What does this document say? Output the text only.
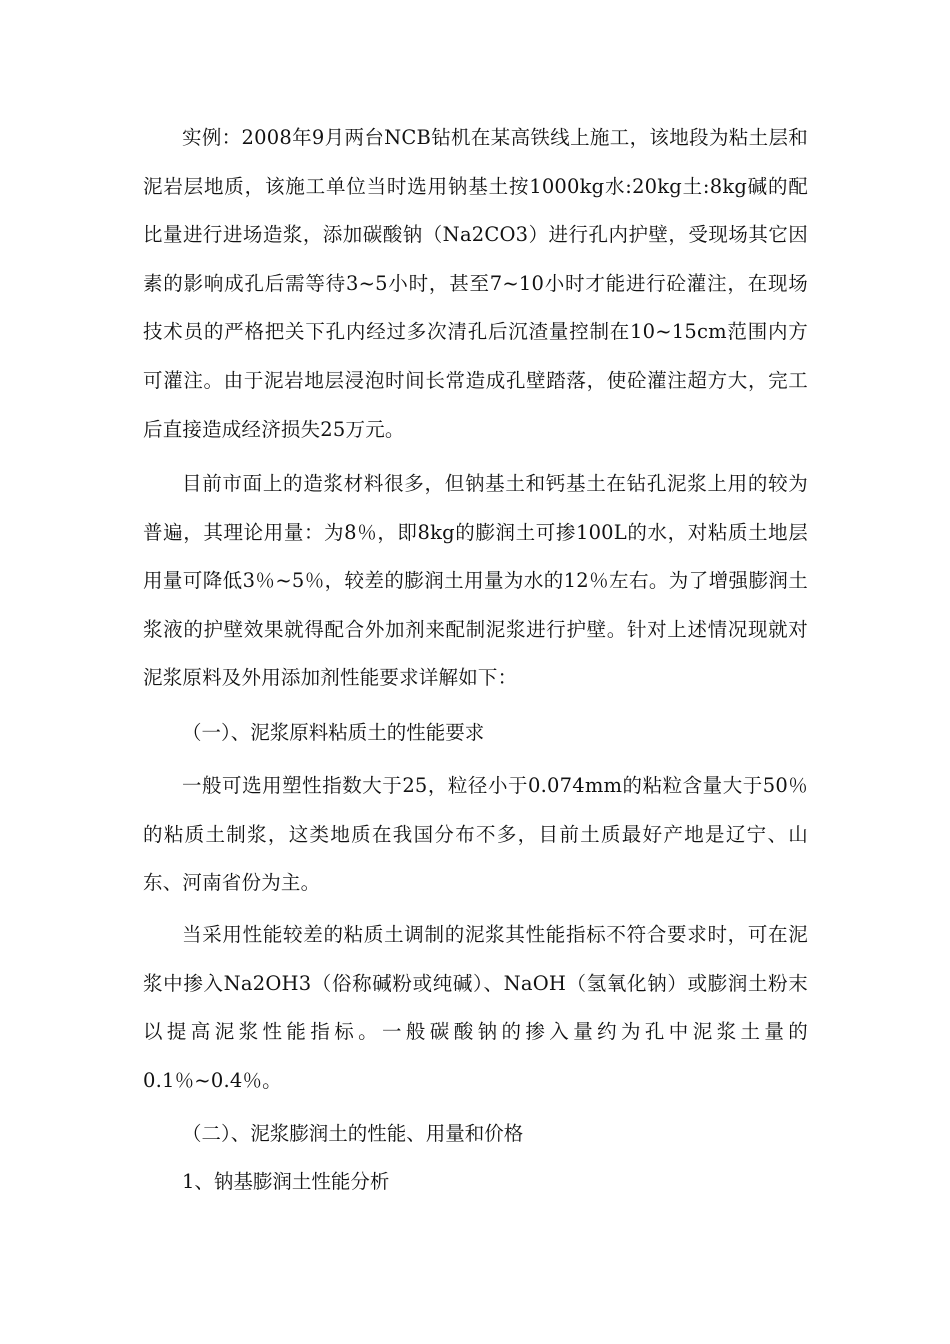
实例：2008年9月两台NCB钻机在某高铁线上施工，该地段为粘土层和泥岩层地质，该施工单位当时选用钠基土按1000kg水:20kg土:8kg碱的配比量进行进场造浆，添加碳酸钠（Na2CO3）进行孔内护壁，受现场其它因素的影响成孔后需等待3~5小时，甚至7~10小时才能进行砼灌注，在现场技术员的严格把关下孔内经过多次清孔后沉渣量控制在10~15cm范围内方可灌注。由于泥岩地层浸泡时间长常造成孔壁踏落，使砼灌注超方大，完工后直接造成经济损失25万元。

目前市面上的造浆材料很多，但钠基土和钙基土在钻孔泥浆上用的较为普遍，其理论用量：为8％，即8kg的膨润土可掺100L的水，对粘质土地层用量可降低3％~5％，较差的膨润土用量为水的12％左右。为了增强膨润土浆液的护壁效果就得配合外加剂来配制泥浆进行护壁。针对上述情况现就对泥浆原料及外用添加剂性能要求详解如下：

（一）、泥浆原料粘质土的性能要求

一般可选用塑性指数大于25，粒径小于0.074mm的粘粒含量大于50％的粘质土制浆，这类地质在我国分布不多，目前土质最好产地是辽宁、山东、河南省份为主。

当采用性能较差的粘质土调制的泥浆其性能指标不符合要求时，可在泥浆中掺入Na2OH3（俗称碱粉或纯碱）、NaOH（氢氧化钠）或膨润土粉末以提高泥浆性能指标。一般碳酸钠的掺入量约为孔中泥浆土量的0.1％~0.4％。

（二）、泥浆膨润土的性能、用量和价格

1、钠基膨润土性能分析
